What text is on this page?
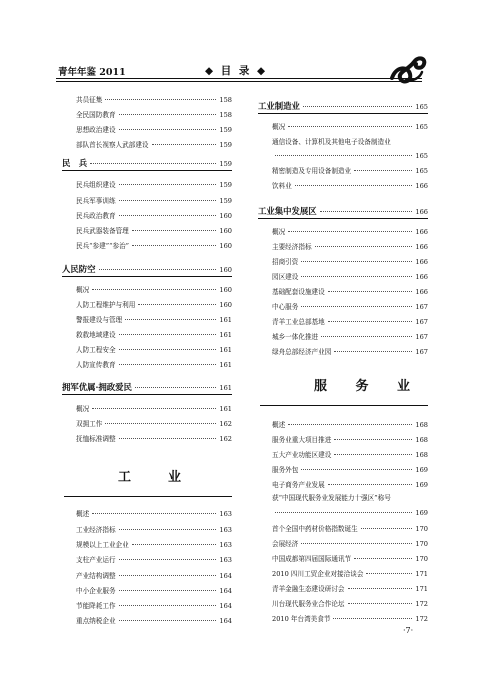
青年年鉴 2011	◆ 目 录 ◆
·7·
共员征集	158
全民国防教育	158
思想政治建设	159
部队首长视察人武部建设	159
民　兵	159
民兵组织建设	159
民兵军事训练	159
民兵政治教育	160
民兵武器装备管理	160
民兵“参建”“参治”	160
人民防空	160
概况	160
人防工程维护与利用	160
警报建设与管理	161
救救地域建设	161
人防工程安全	161
人防宣传教育	161
拥军优属·拥政爱民	161
概况	161
双拥工作	162
抚恤标准调整	162
工　业
概述	163
工业经济指标	163
规模以上工业企业	163
支柱产业运行	163
产业结构调整	164
中小企业服务	164
节能降耗工作	164
重点纳税企业	164
工业制造业	165
概况	165
通信设备、计算机及其他电子设备制造业
165
精密制造及专用设备制造业	165
饮料业	166
工业集中发展区	166
概况	166
主要经济指标	166
招商引资	166
园区建设	166
基础配套设施建设	166
中心服务	167
青羊工业总部基地	167
城乡一体化推进	167
绿舟总部经济产业园	167
服 务 业
概述	168
服务业重大项目推进	168
五大产业功能区建设	168
服务外包	169
电子商务产业发展	169
获“中国现代服务业发展能力十强区”称号
169
首个全国中药材价格指数诞生	170
会展经济	170
中国成都第四届国际通讯节	170
2010 四川工贸企业对接洽谈会	171
青羊金融生态建设研讨会	171
川台现代服务业合作论坛	172
2010 年台湾美食节	172
